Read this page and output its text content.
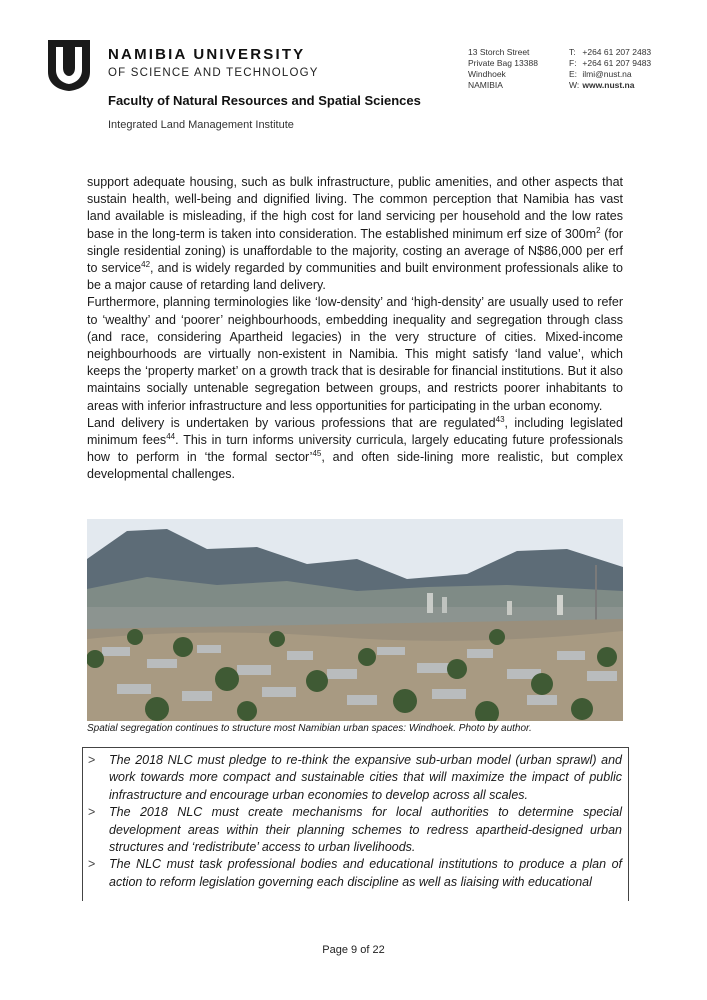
NAMIBIA UNIVERSITY
OF SCIENCE AND TECHNOLOGY
Faculty of Natural Resources and Spatial Sciences
Integrated Land Management Institute
13 Storch Street
Private Bag 13388
Windhoek
NAMIBIA
T: +264 61 207 2483
F: +264 61 207 9483
E: ilmi@nust.na
W: www.nust.na

support adequate housing, such as bulk infrastructure, public amenities, and other aspects that sustain health, well-being and dignified living. The common perception that Namibia has vast land available is misleading, if the high cost for land servicing per household and the low rates base in the long-term is taken into consideration. The established minimum erf size of $300m^2$ (for single residential zoning) is unaffordable to the majority, costing an average of N$86,000 per erf to service$^{42}$, and is widely regarded by communities and built environment professionals alike to be a major cause of retarding land delivery.

Furthermore, planning terminologies like ‘low-density’ and ‘high-density’ are usually used to refer to ‘wealthy’ and ‘poorer’ neighbourhoods, embedding inequality and segregation through class (and race, considering Apartheid legacies) in the very structure of cities. Mixed-income neighbourhoods are virtually non-existent in Namibia. This might satisfy ‘land value’, which keeps the ‘property market’ on a growth track that is desirable for financial institutions. But it also maintains socially untenable segregation between groups, and restricts poorer inhabitants to areas with inferior infrastructure and less opportunities for participating in the urban economy.

Land delivery is undertaken by various professions that are regulated$^{43}$, including legislated minimum fees$^{44}$. This in turn informs university curricula, largely educating future professionals how to perform in ‘the formal sector’$^{45}$, and often side-lining more realistic, but complex developmental challenges.

Spatial segregation continues to structure most Namibian urban spaces: Windhoek. Photo by author.
> The 2018 NLC must pledge to re-think the expansive sub-urban model (urban sprawl) and work towards more compact and sustainable cities that will maximize the impact of public infrastructure and encourage urban economies to develop across all scales.
> The 2018 NLC must create mechanisms for local authorities to determine special development areas within their planning schemes to redress apartheid-designed urban structures and ‘redistribute’ access to urban livelihoods.
> The NLC must task professional bodies and educational institutions to produce a plan of action to reform legislation governing each discipline as well as liaising with educational
Page 9 of 22
